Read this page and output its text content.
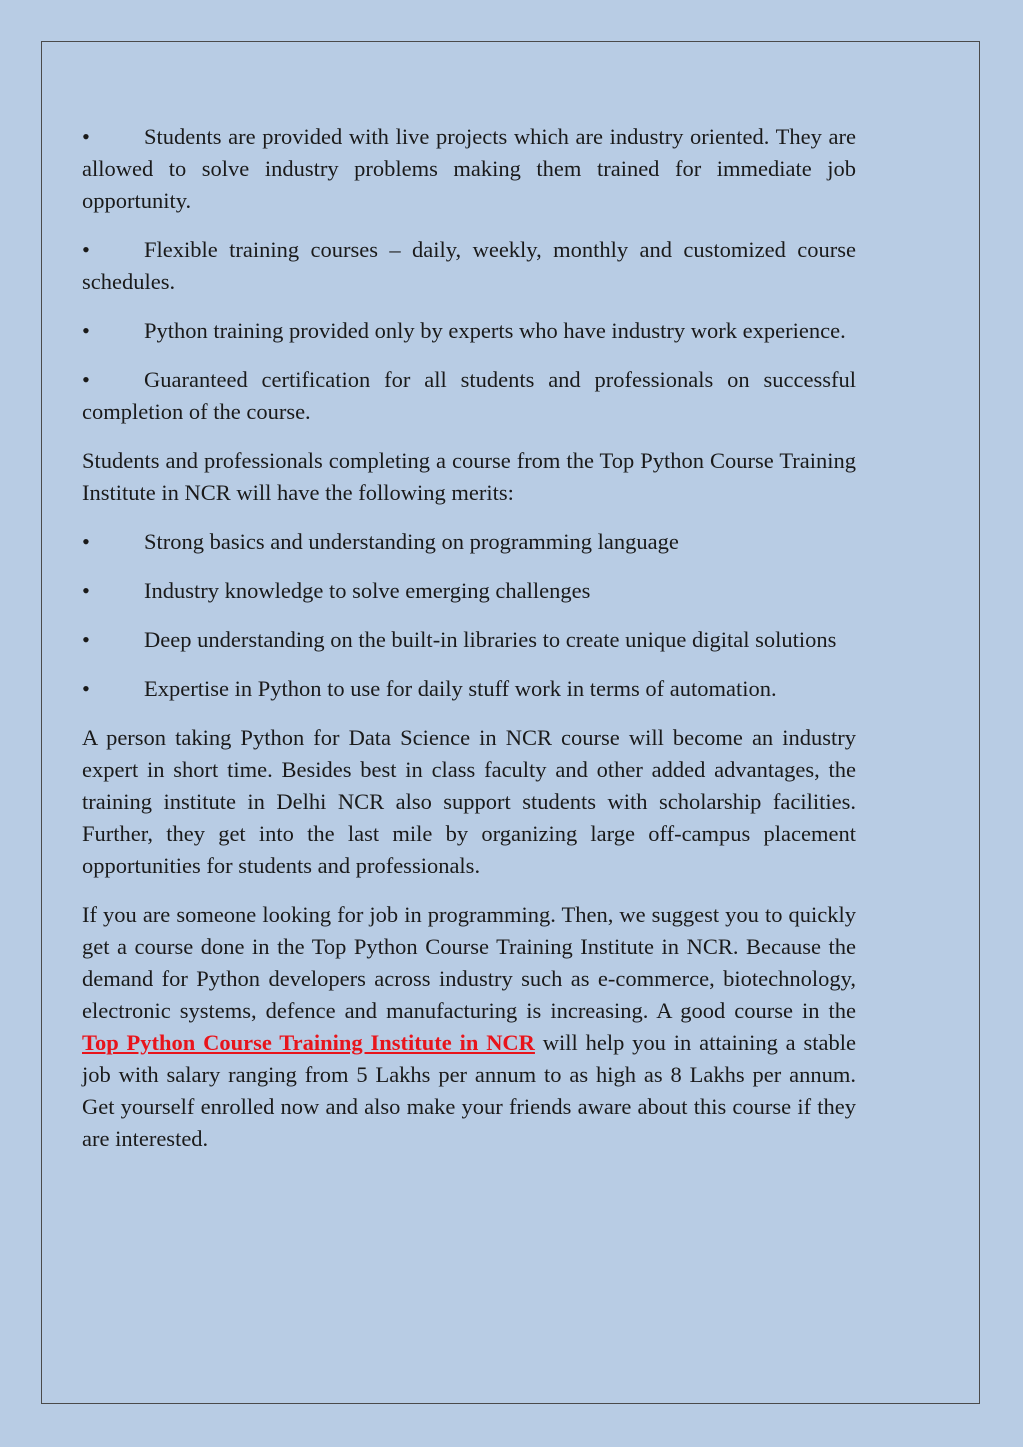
• Students are provided with live projects which are industry oriented. They are allowed to solve industry problems making them trained for immediate job opportunity.

• Flexible training courses – daily, weekly, monthly and customized course schedules.

• Python training provided only by experts who have industry work experience.

• Guaranteed certification for all students and professionals on successful completion of the course.

Students and professionals completing a course from the Top Python Course Training Institute in NCR will have the following merits:

• Strong basics and understanding on programming language

• Industry knowledge to solve emerging challenges

• Deep understanding on the built-in libraries to create unique digital solutions

• Expertise in Python to use for daily stuff work in terms of automation.

A person taking Python for Data Science in NCR course will become an industry expert in short time. Besides best in class faculty and other added advantages, the training institute in Delhi NCR also support students with scholarship facilities. Further, they get into the last mile by organizing large off-campus placement opportunities for students and professionals.

If you are someone looking for job in programming. Then, we suggest you to quickly get a course done in the Top Python Course Training Institute in NCR. Because the demand for Python developers across industry such as e-commerce, biotechnology, electronic systems, defence and manufacturing is increasing. A good course in the Top Python Course Training Institute in NCR will help you in attaining a stable job with salary ranging from 5 Lakhs per annum to as high as 8 Lakhs per annum. Get yourself enrolled now and also make your friends aware about this course if they are interested.
